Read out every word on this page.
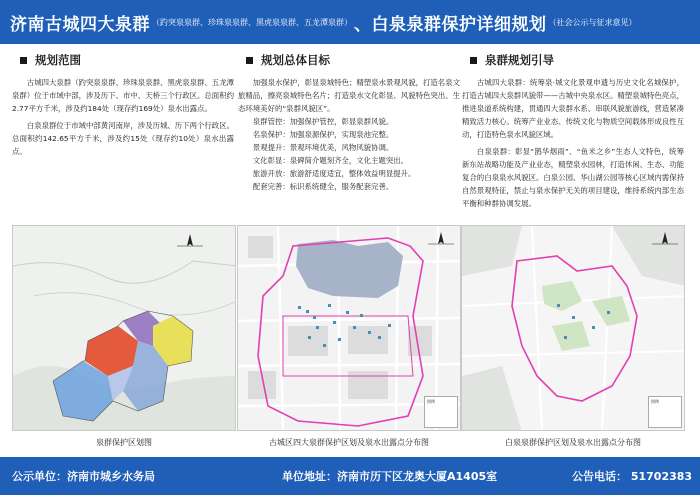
济南古城四大泉群 （趵突泉泉群、珍珠泉泉群、黑虎泉泉群、五龙潭泉群） 、白泉泉群保护详细规划 （社会公示与征求意见）
规划范围

古城四大泉群（趵突泉泉群、珍珠泉泉群、黑虎泉泉群、五龙潭泉群）位于市域中部，涉及历下、市中、天桥三个行政区。总面积约2.77平方千米，涉及约184处（现存约169处）泉水出露点。

白泉泉群位于市域中部黄河南岸，涉及历城、历下两个行政区。总面积约142.65平方千米，涉及约15处（现存约10处）泉水出露点。

规划总体目标

加强泉水保护，彰显泉城特色；精塑泉水景观风貌，打造名泉文旅精品，擦亮泉城特色名片；打造泉水文化彰显、风貌特色突出、生态环境美好的“泉群风貌区”。

泉群管控：加强保护管控，彰显泉群风貌。

名泉保护：加强泉源保护，实现泉池完整。

景观提升：景观环境优美，风物风貌协调。

文化彰显：泉碑简介题刻齐全，文化主题突出。

旅游开放：旅游舒适度适宜，整体效益明显提升。

配套完善：标识系统健全，服务配套完善。

泉群规划引导

古城四大泉群：统筹泉·城文化景观申遗与历史文化名城保护，打造古城四大泉群风貌带——古城中央泉水区。精塑泉城特色亮点，推进泉道系统构建，贯通四大泉群水系、串联风貌旅游线，营造紧凑精致活力核心。统筹产业业态、传统文化与物质空间载体形成良性互动，打造特色泉水风貌区域。

白泉泉群：彰显“鹊华烟雨”、“鱼米之乡”生态人文特色，统筹新东站战略功能及产业业态，精塑泉水园林，打造休闲、生态、功能复合的白泉泉水风貌区。白泉公园、华山湖公园等核心区域内需保持自然景观特征，禁止与泉水保护无关的项目建设，维持系统内部生态平衡和种群协调发展。

图例	图例
泉群保护区划图	古城区四大泉群保护区划及泉水出露点分布图	白泉泉群保护区划及泉水出露点分布图
公示单位：济南市城乡水务局	单位地址：济南市历下区龙奥大厦A1405室	公告电话： 51702383
